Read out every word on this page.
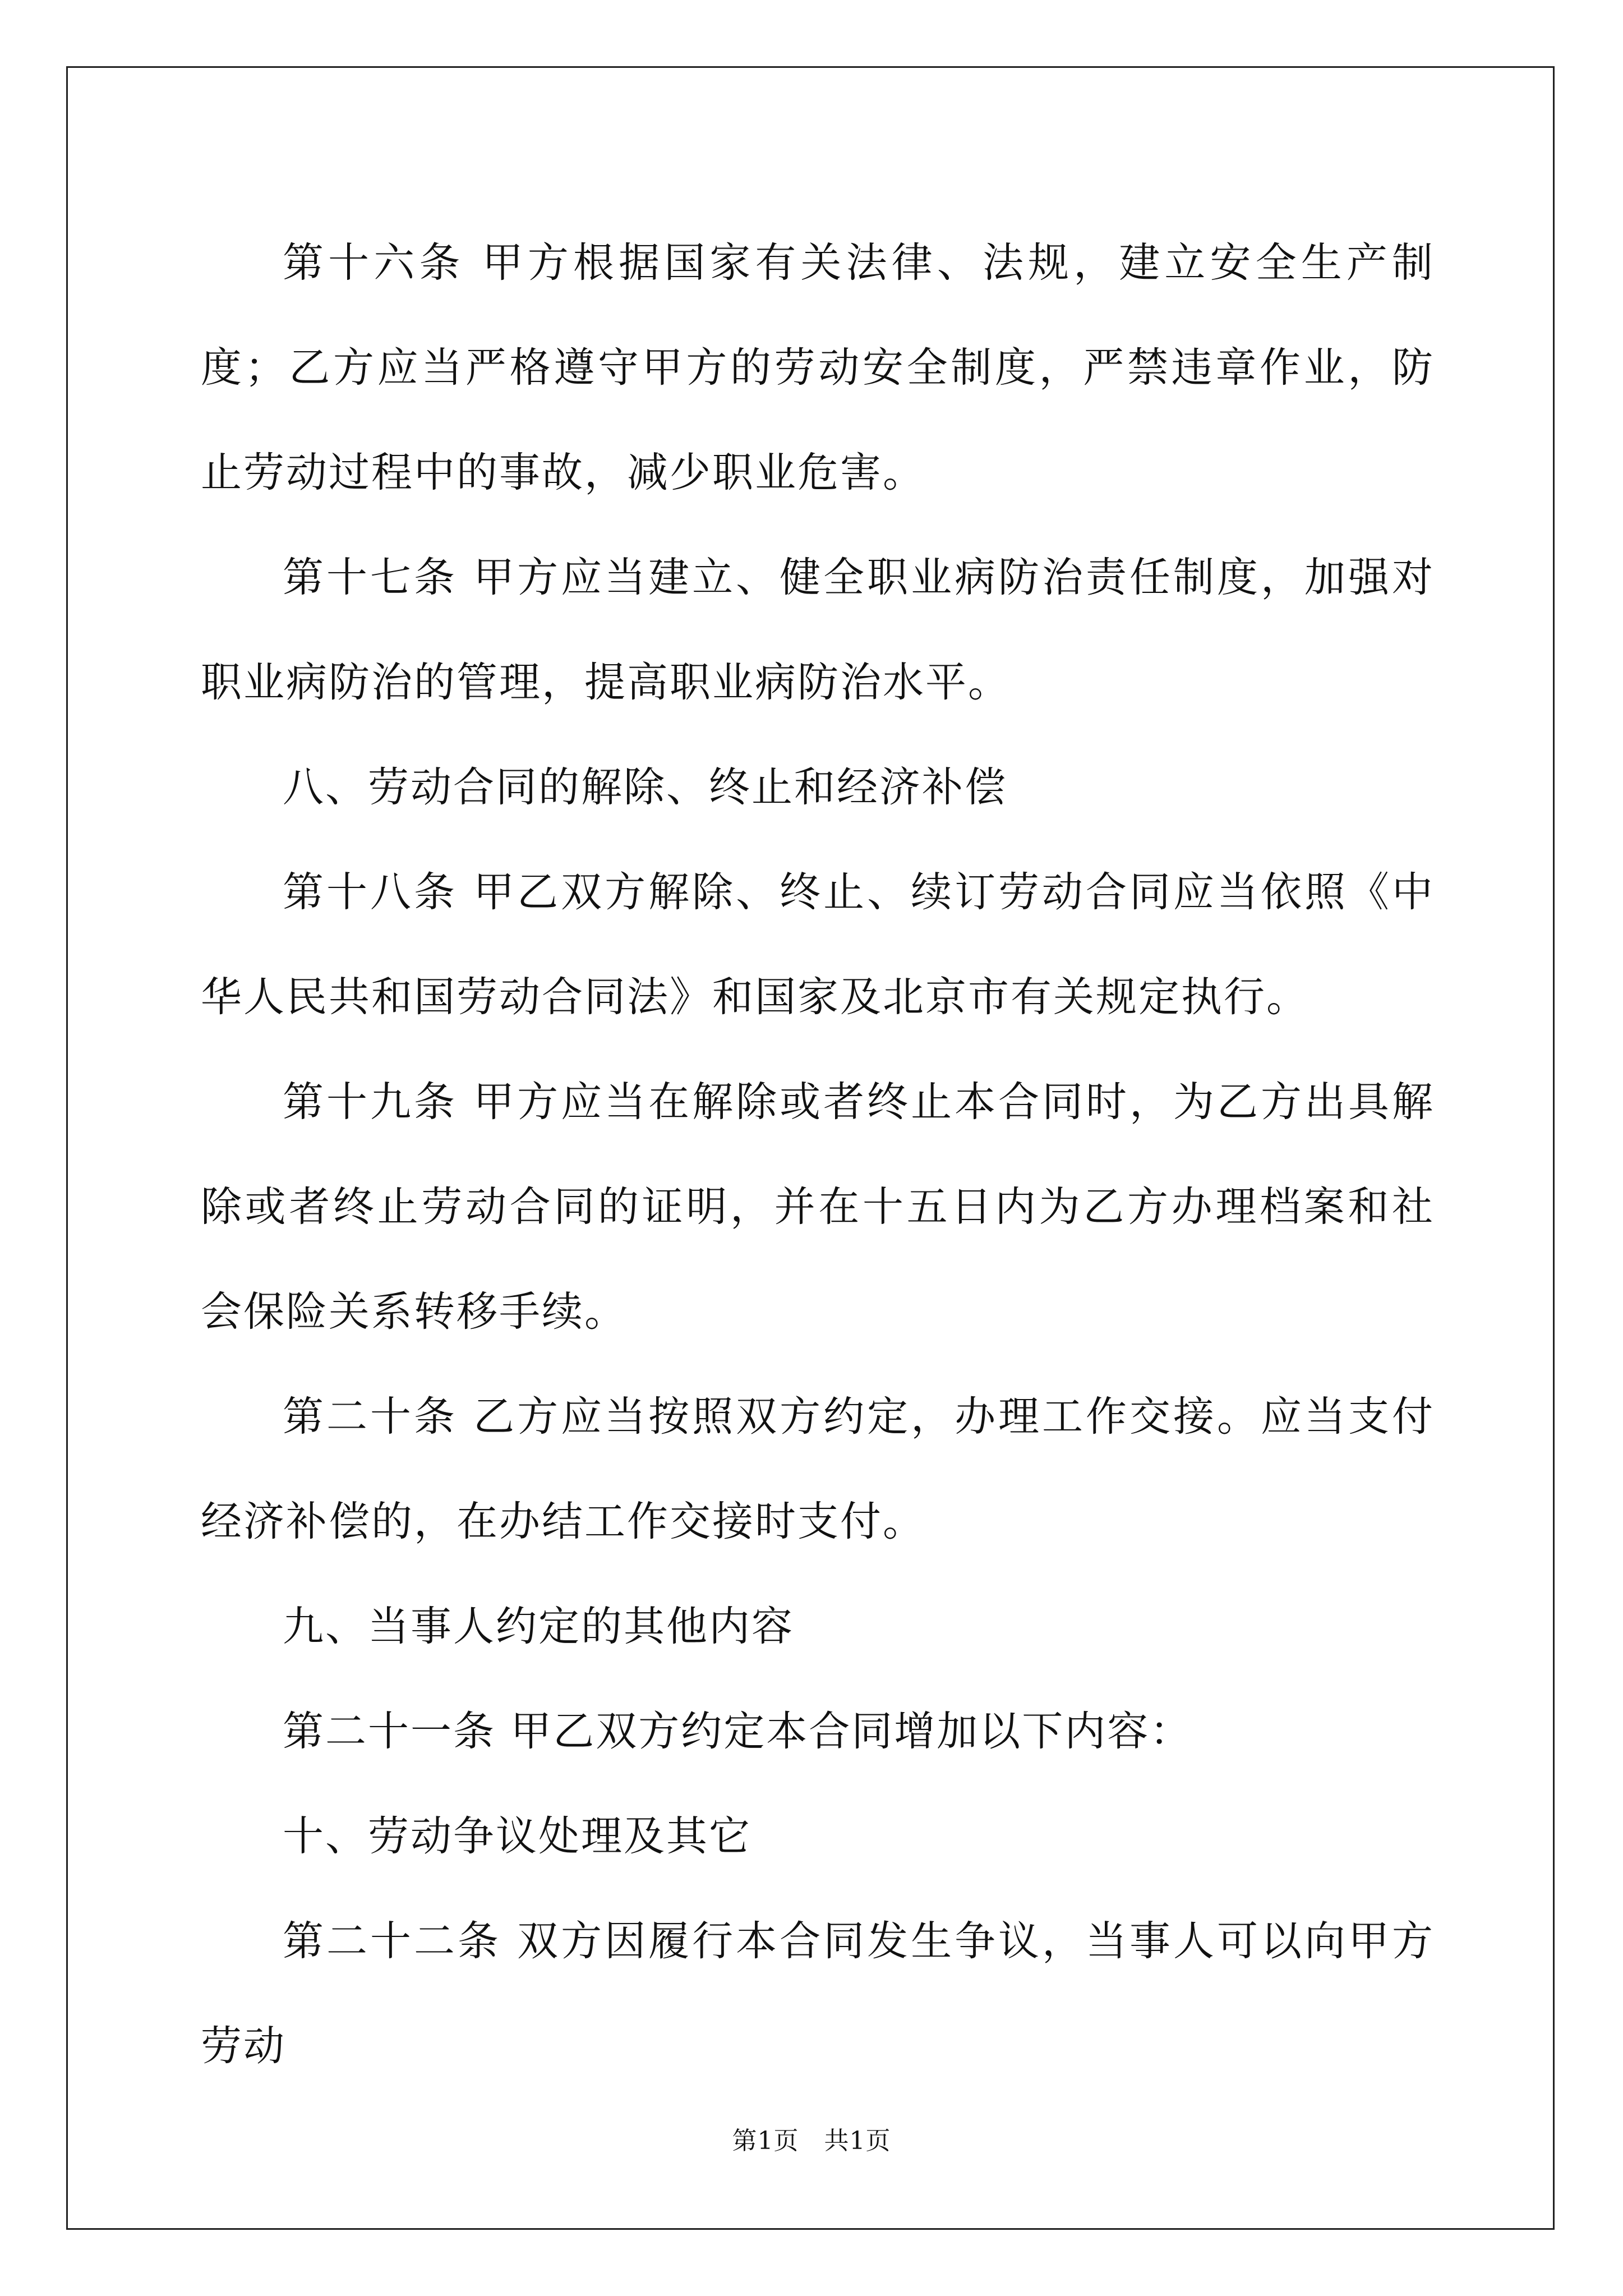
第十六条 甲方根据国家有关法律、法规，建立安全生产制度；乙方应当严格遵守甲方的劳动安全制度，严禁违章作业，防止劳动过程中的事故，减少职业危害。

第十七条 甲方应当建立、健全职业病防治责任制度，加强对职业病防治的管理，提高职业病防治水平。

八、劳动合同的解除、终止和经济补偿

第十八条 甲乙双方解除、终止、续订劳动合同应当依照《中华人民共和国劳动合同法》和国家及北京市有关规定执行。

第十九条 甲方应当在解除或者终止本合同时，为乙方出具解除或者终止劳动合同的证明，并在十五日内为乙方办理档案和社会保险关系转移手续。

第二十条 乙方应当按照双方约定，办理工作交接。应当支付经济补偿的，在办结工作交接时支付。

九、当事人约定的其他内容

第二十一条 甲乙双方约定本合同增加以下内容：

十、劳动争议处理及其它

第二十二条 双方因履行本合同发生争议，当事人可以向甲方劳动

第1页　共1页
